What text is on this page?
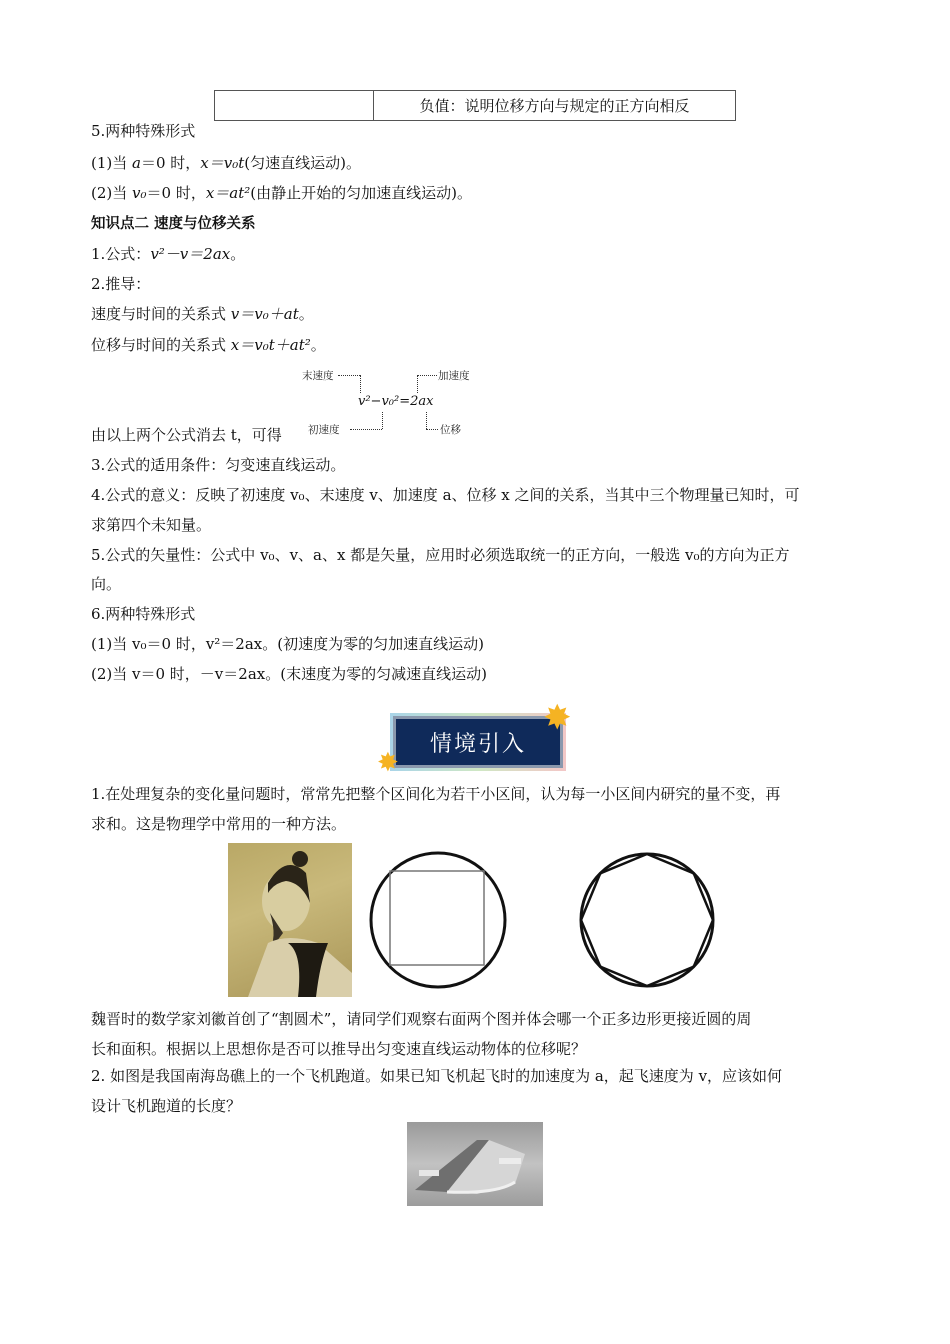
	负值：说明位移方向与规定的正方向相反
5.两种特殊形式
(1)当 a＝0 时，x＝v₀t(匀速直线运动)。
(2)当 v₀＝0 时，x＝at²(由静止开始的匀加速直线运动)。
知识点二 速度与位移关系
1.公式：v²－v＝2ax。
2.推导：
速度与时间的关系式 v＝v₀＋at。
位移与时间的关系式 x＝v₀t＋at²。
末速度	加速度
v²−v₀²=2ax
初速度	位移
由以上两个公式消去 t，可得
3.公式的适用条件：匀变速直线运动。
4.公式的意义：反映了初速度 v₀、末速度 v、加速度 a、位移 x 之间的关系，当其中三个物理量已知时，可
求第四个未知量。
5.公式的矢量性：公式中 v₀、v、a、x 都是矢量，应用时必须选取统一的正方向，一般选 v₀的方向为正方
向。
6.两种特殊形式
(1)当 v₀＝0 时，v²＝2ax。(初速度为零的匀加速直线运动)
(2)当 v＝0 时，－v＝2ax。(末速度为零的匀减速直线运动)
情境引入
✸
✸
1.在处理复杂的变化量问题时，常常先把整个区间化为若干小区间，认为每一小区间内研究的量不变，再
求和。这是物理学中常用的一种方法。
魏晋时的数学家刘徽首创了“割圆术”，请同学们观察右面两个图并体会哪一个正多边形更接近圆的周
长和面积。根据以上思想你是否可以推导出匀变速直线运动物体的位移呢？
2. 如图是我国南海岛礁上的一个飞机跑道。如果已知飞机起飞时的加速度为 a，起飞速度为 v，应该如何
设计飞机跑道的长度？
